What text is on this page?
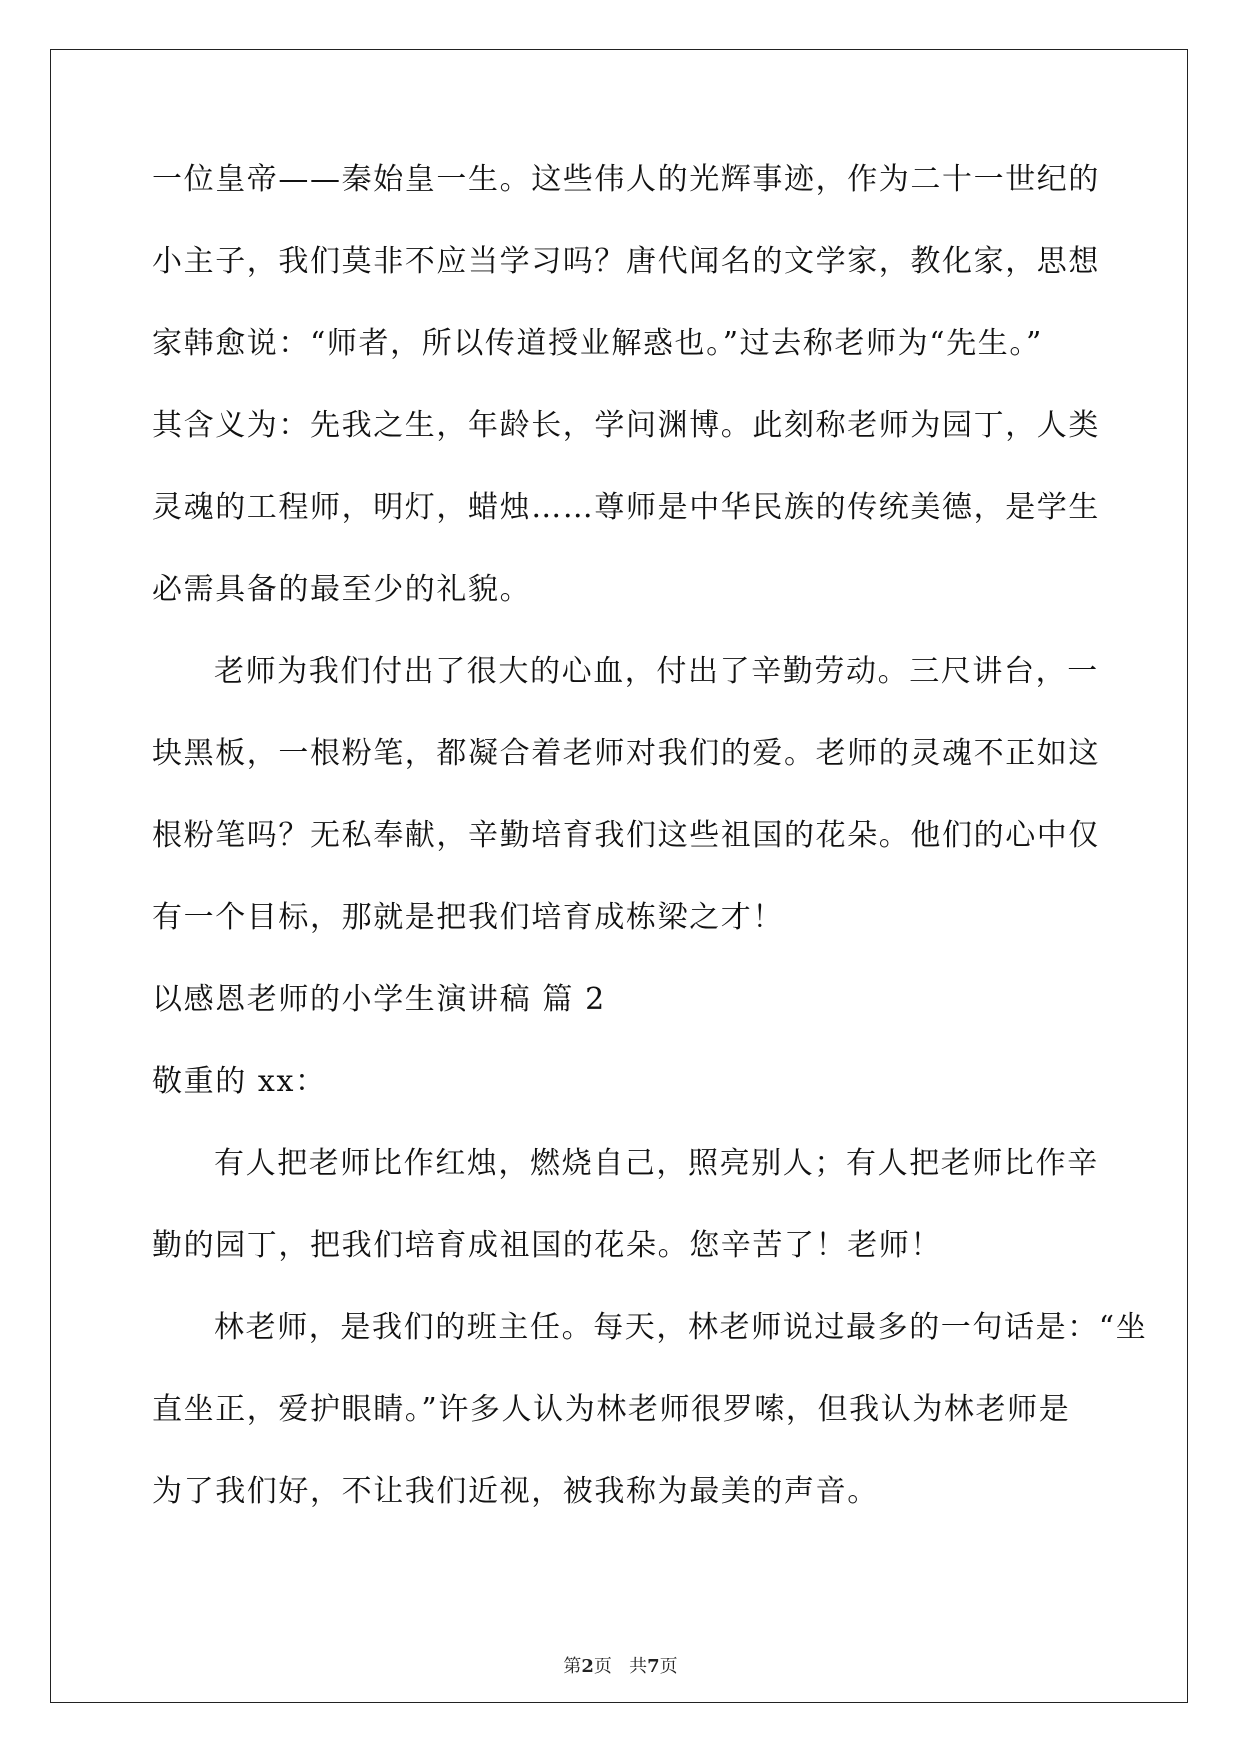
一位皇帝——秦始皇一生。这些伟人的光辉事迹，作为二十一世纪的
小主子，我们莫非不应当学习吗？唐代闻名的文学家，教化家，思想
家韩愈说：“师者，所以传道授业解惑也。”过去称老师为“先生。”
其含义为：先我之生，年龄长，学问渊博。此刻称老师为园丁，人类
灵魂的工程师，明灯，蜡烛……尊师是中华民族的传统美德，是学生
必需具备的最至少的礼貌。
老师为我们付出了很大的心血，付出了辛勤劳动。三尺讲台，一
块黑板，一根粉笔，都凝合着老师对我们的爱。老师的灵魂不正如这
根粉笔吗？无私奉献，辛勤培育我们这些祖国的花朵。他们的心中仅
有一个目标，那就是把我们培育成栋梁之才！
以感恩老师的小学生演讲稿 篇 2
敬重的 xx：
有人把老师比作红烛，燃烧自己，照亮别人；有人把老师比作辛
勤的园丁，把我们培育成祖国的花朵。您辛苦了！老师！
林老师，是我们的班主任。每天，林老师说过最多的一句话是：“坐
直坐正，爱护眼睛。”许多人认为林老师很罗嗦，但我认为林老师是
为了我们好，不让我们近视，被我称为最美的声音。
第2页 共7页
